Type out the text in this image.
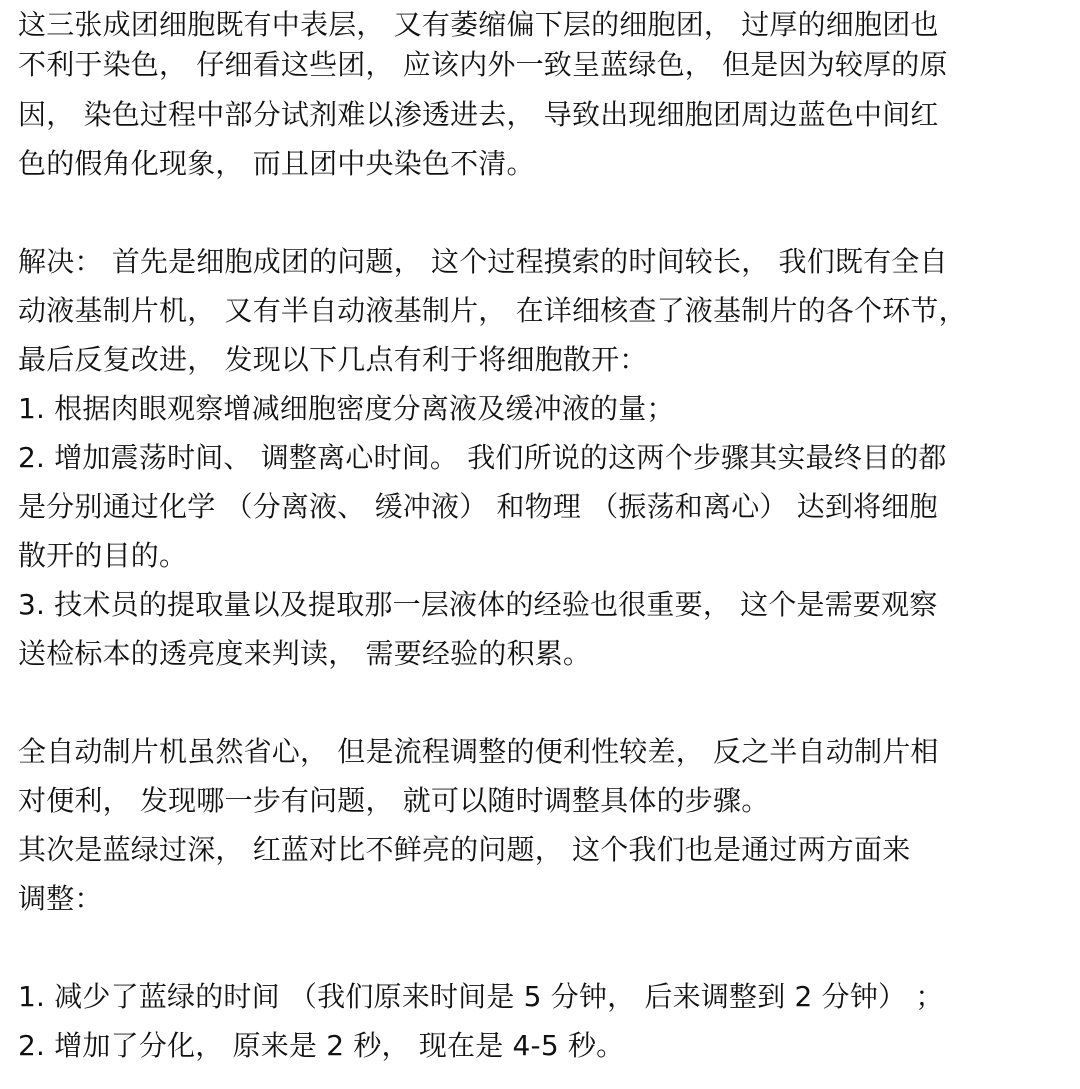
这三张成团细胞既有中表层， 又有萎缩偏下层的细胞团， 过厚的细胞团也
不利于染色， 仔细看这些团， 应该内外一致呈蓝绿色， 但是因为较厚的原
因， 染色过程中部分试剂难以渗透进去， 导致出现细胞团周边蓝色中间红
色的假角化现象， 而且团中央染色不清。
解决： 首先是细胞成团的问题， 这个过程摸索的时间较长， 我们既有全自
动液基制片机， 又有半自动液基制片， 在详细核查了液基制片的各个环节，
最后反复改进， 发现以下几点有利于将细胞散开：
1. 根据肉眼观察增减细胞密度分离液及缓冲液的量；
2. 增加震荡时间、 调整离心时间。 我们所说的这两个步骤其实最终目的都
是分别通过化学 （分离液、 缓冲液） 和物理 （振荡和离心） 达到将细胞
散开的目的。
3. 技术员的提取量以及提取那一层液体的经验也很重要， 这个是需要观察
送检标本的透亮度来判读， 需要经验的积累。
全自动制片机虽然省心， 但是流程调整的便利性较差， 反之半自动制片相
对便利， 发现哪一步有问题， 就可以随时调整具体的步骤。
其次是蓝绿过深， 红蓝对比不鲜亮的问题， 这个我们也是通过两方面来
调整：
1. 减少了蓝绿的时间 （我们原来时间是 5 分钟， 后来调整到 2 分钟） ；
2. 增加了分化， 原来是 2 秒， 现在是 4-5 秒。
